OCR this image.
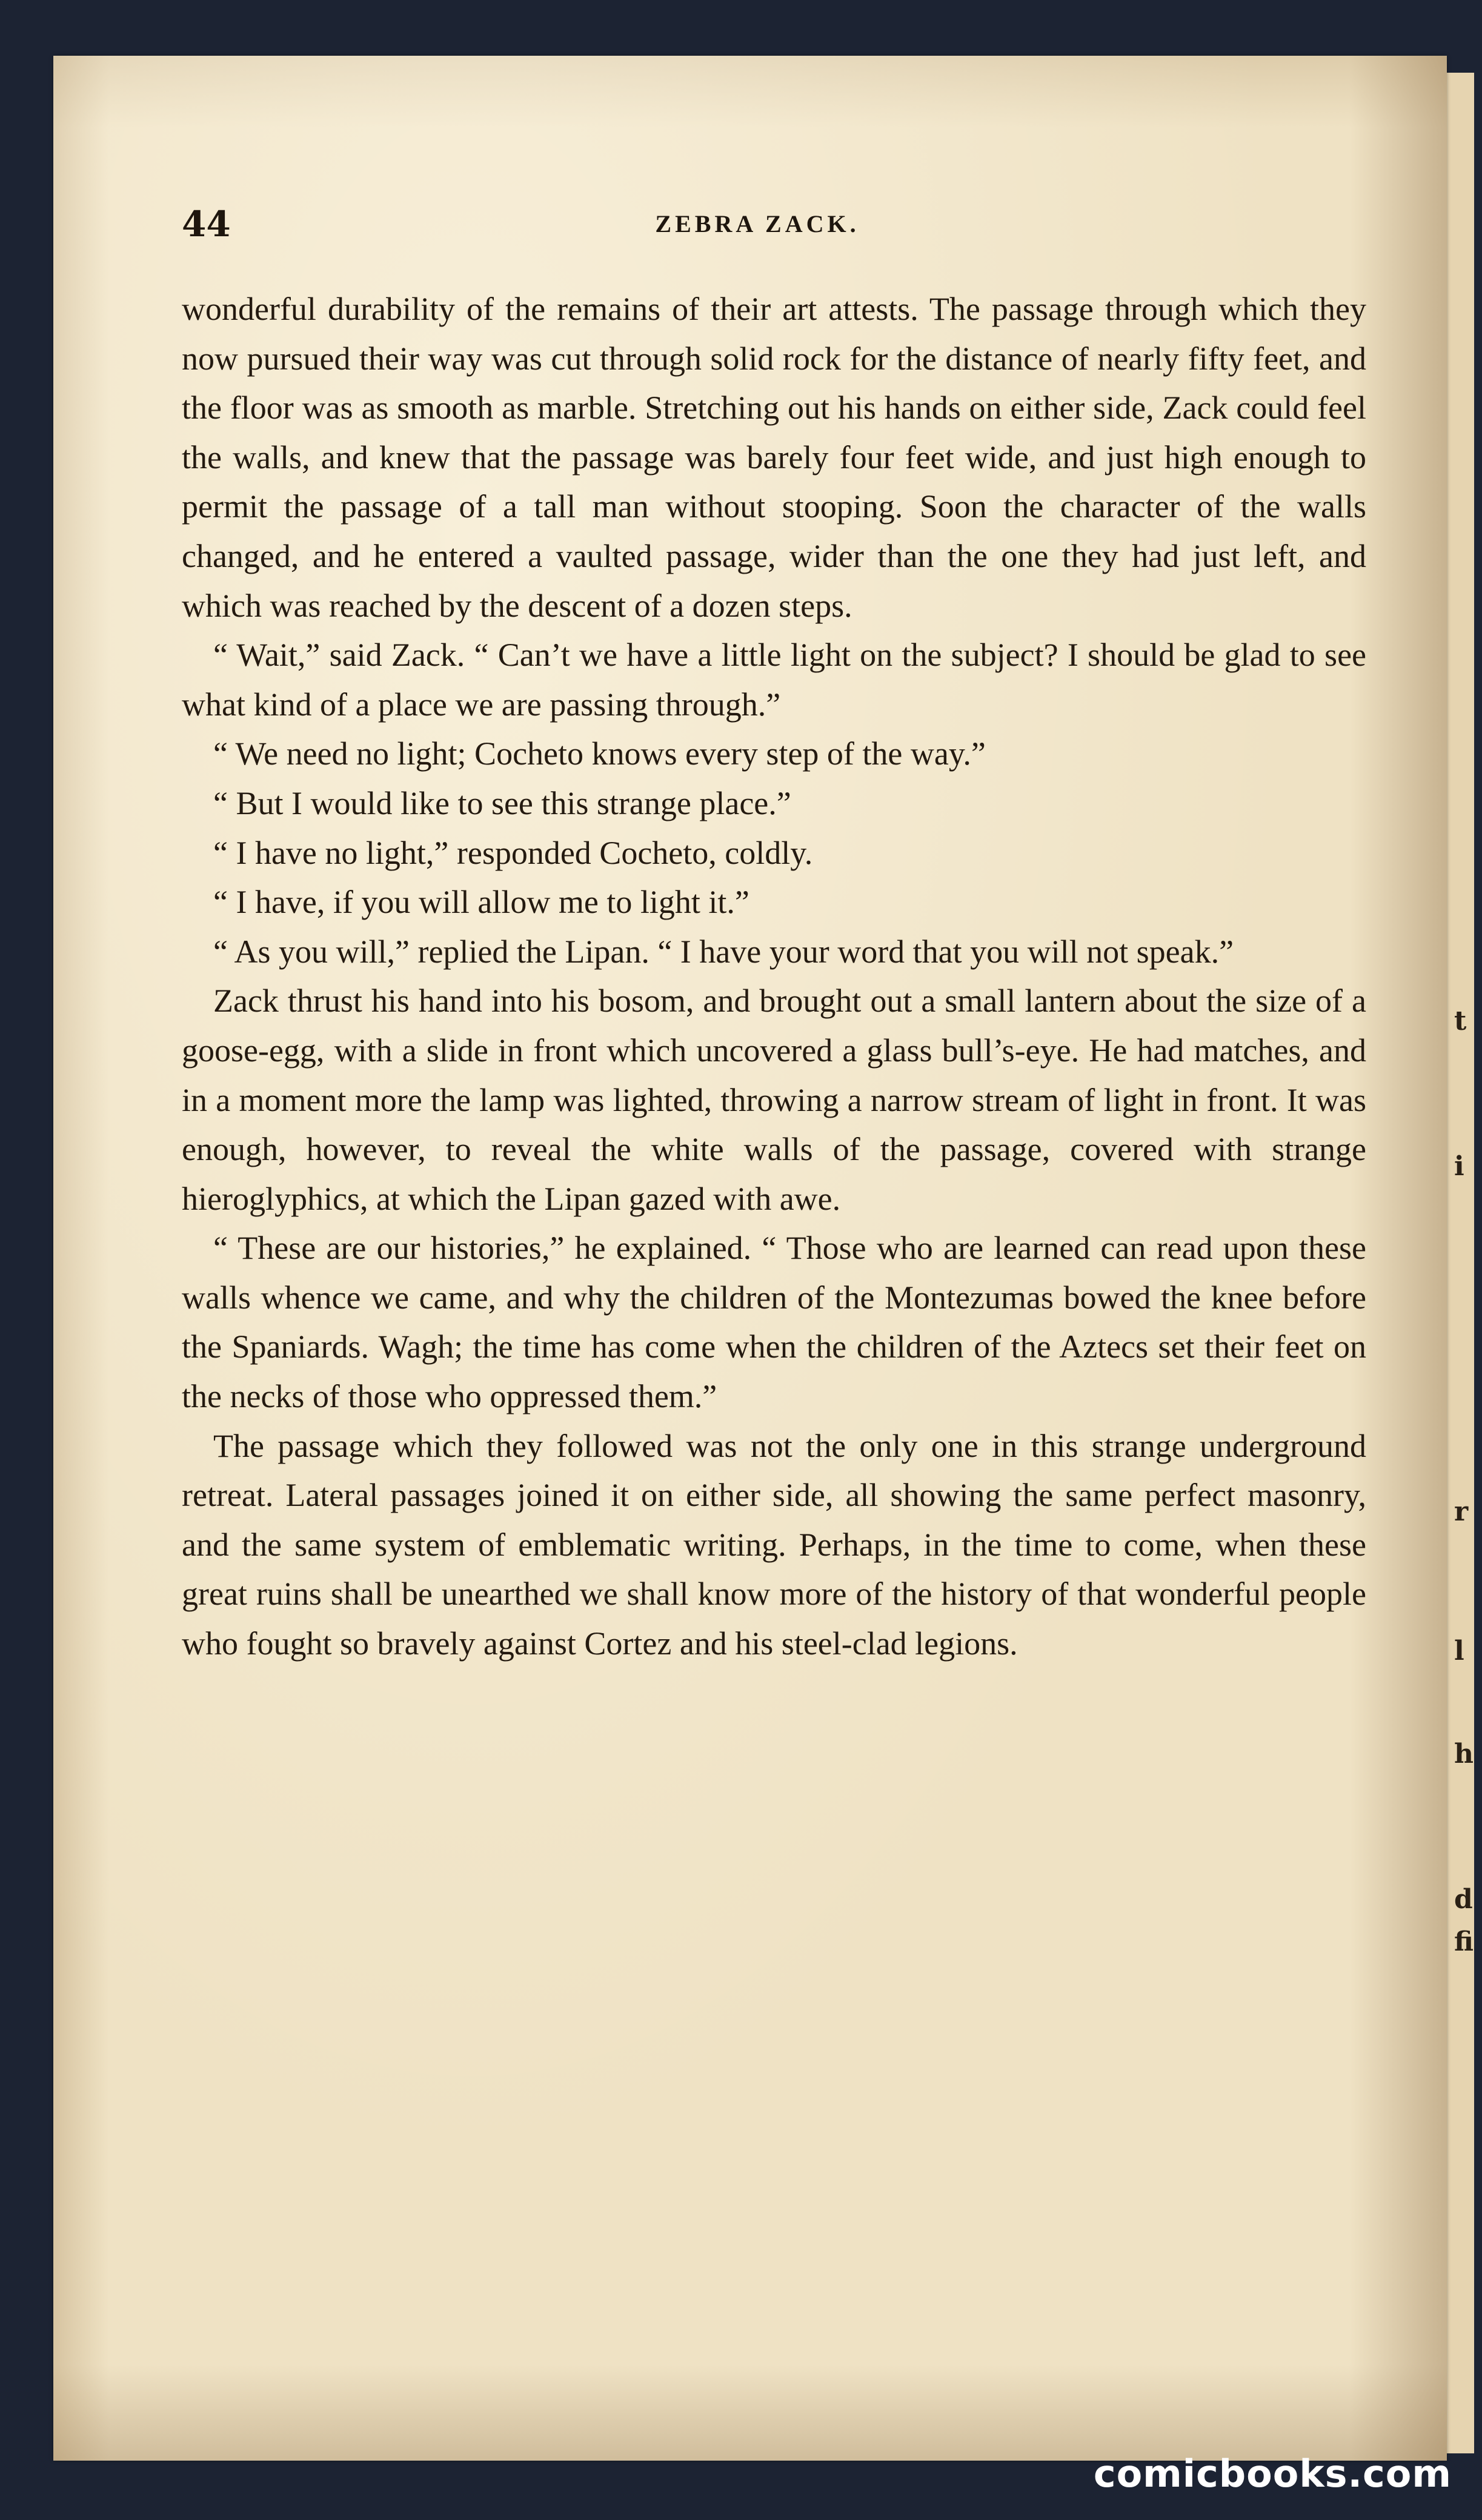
t
i
r
l
h
d
fi
44	ZEBRA ZACK.

wonderful durability of the remains of their art attests. The passage through which they now pursued their way was cut through solid rock for the distance of nearly fifty feet, and the floor was as smooth as marble. Stretching out his hands on either side, Zack could feel the walls, and knew that the passage was barely four feet wide, and just high enough to permit the passage of a tall man without stooping. Soon the character of the walls changed, and he entered a vaulted passage, wider than the one they had just left, and which was reached by the descent of a dozen steps.

“ Wait,” said Zack. “ Can’t we have a little light on the subject? I should be glad to see what kind of a place we are passing through.”

“ We need no light; Cocheto knows every step of the way.”

“ But I would like to see this strange place.”

“ I have no light,” responded Cocheto, coldly.

“ I have, if you will allow me to light it.”

“ As you will,” replied the Lipan. “ I have your word that you will not speak.”

Zack thrust his hand into his bosom, and brought out a small lantern about the size of a goose-egg, with a slide in front which uncovered a glass bull’s-eye. He had matches, and in a moment more the lamp was lighted, throwing a narrow stream of light in front. It was enough, however, to reveal the white walls of the passage, covered with strange hieroglyphics, at which the Lipan gazed with awe.

“ These are our histories,” he explained. “ Those who are learned can read upon these walls whence we came, and why the children of the Montezumas bowed the knee before the Spaniards. Wagh; the time has come when the children of the Aztecs set their feet on the necks of those who oppressed them.”

The passage which they followed was not the only one in this strange underground retreat. Lateral passages joined it on either side, all showing the same perfect masonry, and the same system of emblematic writing. Perhaps, in the time to come, when these great ruins shall be unearthed we shall know more of the history of that wonderful people who fought so bravely against Cortez and his steel-clad legions.

comicbooks.com
